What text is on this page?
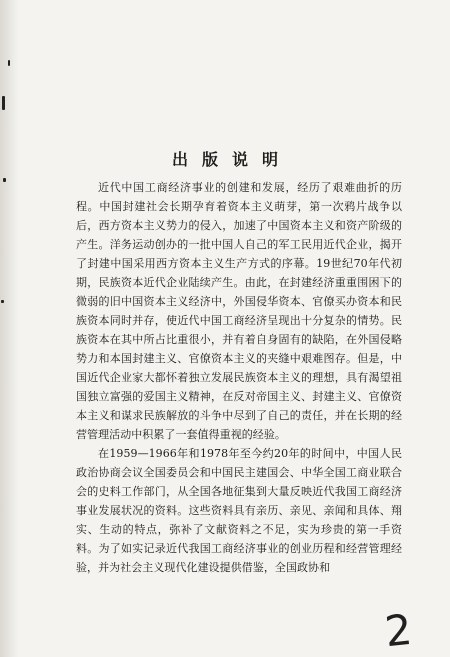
出版说明

近代中国工商经济事业的创建和发展，经历了艰难曲折的历程。中国封建社会长期孕育着资本主义萌芽，第一次鸦片战争以后，西方资本主义势力的侵入，加速了中国资本主义和资产阶级的产生。洋务运动创办的一批中国人自己的军工民用近代企业，揭开了封建中国采用西方资本主义生产方式的序幕。19世纪70年代初期，民族资本近代企业陆续产生。由此，在封建经济重重围困下的微弱的旧中国资本主义经济中，外国侵华资本、官僚买办资本和民族资本同时并存，使近代中国工商经济呈现出十分复杂的情势。民族资本在其中所占比重很小，并有着自身固有的缺陷，在外国侵略势力和本国封建主义、官僚资本主义的夹缝中艰难图存。但是，中国近代企业家大都怀着独立发展民族资本主义的理想，具有渴望祖国独立富强的爱国主义精神，在反对帝国主义、封建主义、官僚资本主义和谋求民族解放的斗争中尽到了自己的责任，并在长期的经营管理活动中积累了一套值得重视的经验。

在1959—1966年和1978年至今约20年的时间中，中国人民政治协商会议全国委员会和中国民主建国会、中华全国工商业联合会的史料工作部门，从全国各地征集到大量反映近代我国工商经济事业发展状况的资料。这些资料具有亲历、亲见、亲闻和具体、翔实、生动的特点，弥补了文献资料之不足，实为珍贵的第一手资料。为了如实记录近代我国工商经济事业的创业历程和经营管理经验，并为社会主义现代化建设提供借鉴，全国政协和

2
